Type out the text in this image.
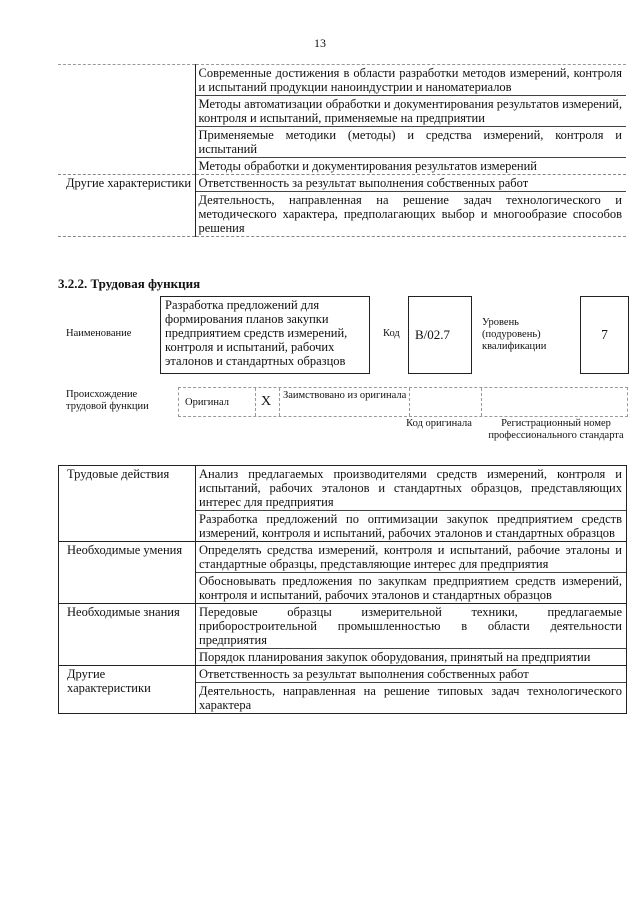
13

	Современные достижения в области разработки методов измерений, контроля и испытаний продукции наноиндустрии и наноматериалов
Методы автоматизации обработки и документирования результатов измерений, контроля и испытаний, применяемые на предприятии
Применяемые методики (методы) и средства измерений, контроля и испытаний
Методы обработки и документирования результатов измерений

Другие характеристики	Ответственность за результат выполнения собственных работ
Деятельность, направленная на решение задач технологического и методического характера, предполагающих выбор и многообразие способов решения
3.2.2. Трудовая функция
Наименование
Разработка предложений для формирования планов закупки предприятием средств измерений, контроля и испытаний, рабочих эталонов и стандартных образцов
Код	B/02.7
Уровень (подуровень) квалификации
7
Происхождение трудовой функции	Оригинал X Заимствовано из оригинала
Код оригинала	Регистрационный номер профессионального стандарта
Трудовые действия	Анализ предлагаемых производителями средств измерений, контроля и испытаний, рабочих эталонов и стандартных образцов, представляющих интерес для предприятия
Разработка предложений по оптимизации закупок предприятием средств измерений, контроля и испытаний, рабочих эталонов и стандартных образцов

Необходимые умения	Определять средства измерений, контроля и испытаний, рабочие эталоны и стандартные образцы, представляющие интерес для предприятия
Обосновывать предложения по закупкам предприятием средств измерений, контроля и испытаний, рабочих эталонов и стандартных образцов

Необходимые знания	Передовые образцы измерительной техники, предлагаемые приборостроительной промышленностью в области деятельности предприятия
Порядок планирования закупок оборудования, принятый на предприятии

Другие характеристики	Ответственность за результат выполнения собственных работ
Деятельность, направленная на решение типовых задач технологического характера
